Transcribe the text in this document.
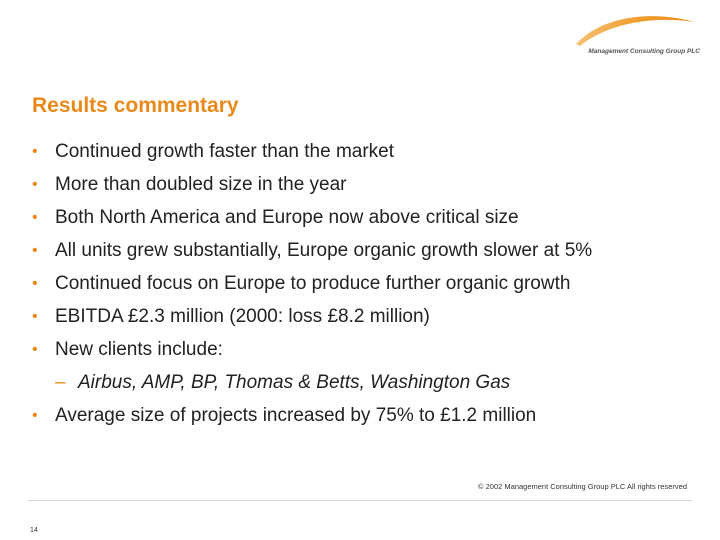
Management Consulting Group PLC
Results commentary
• Continued growth faster than the market
• More than doubled size in the year
• Both North America and Europe now above critical size
• All units grew substantially, Europe organic growth slower at 5%
• Continued focus on Europe to produce further organic growth
• EBITDA £2.3 million (2000: loss £8.2 million)
• New clients include:
– Airbus, AMP, BP, Thomas & Betts, Washington Gas
• Average size of projects increased by 75% to £1.2 million
© 2002 Management Consulting Group PLC All rights reserved
14
